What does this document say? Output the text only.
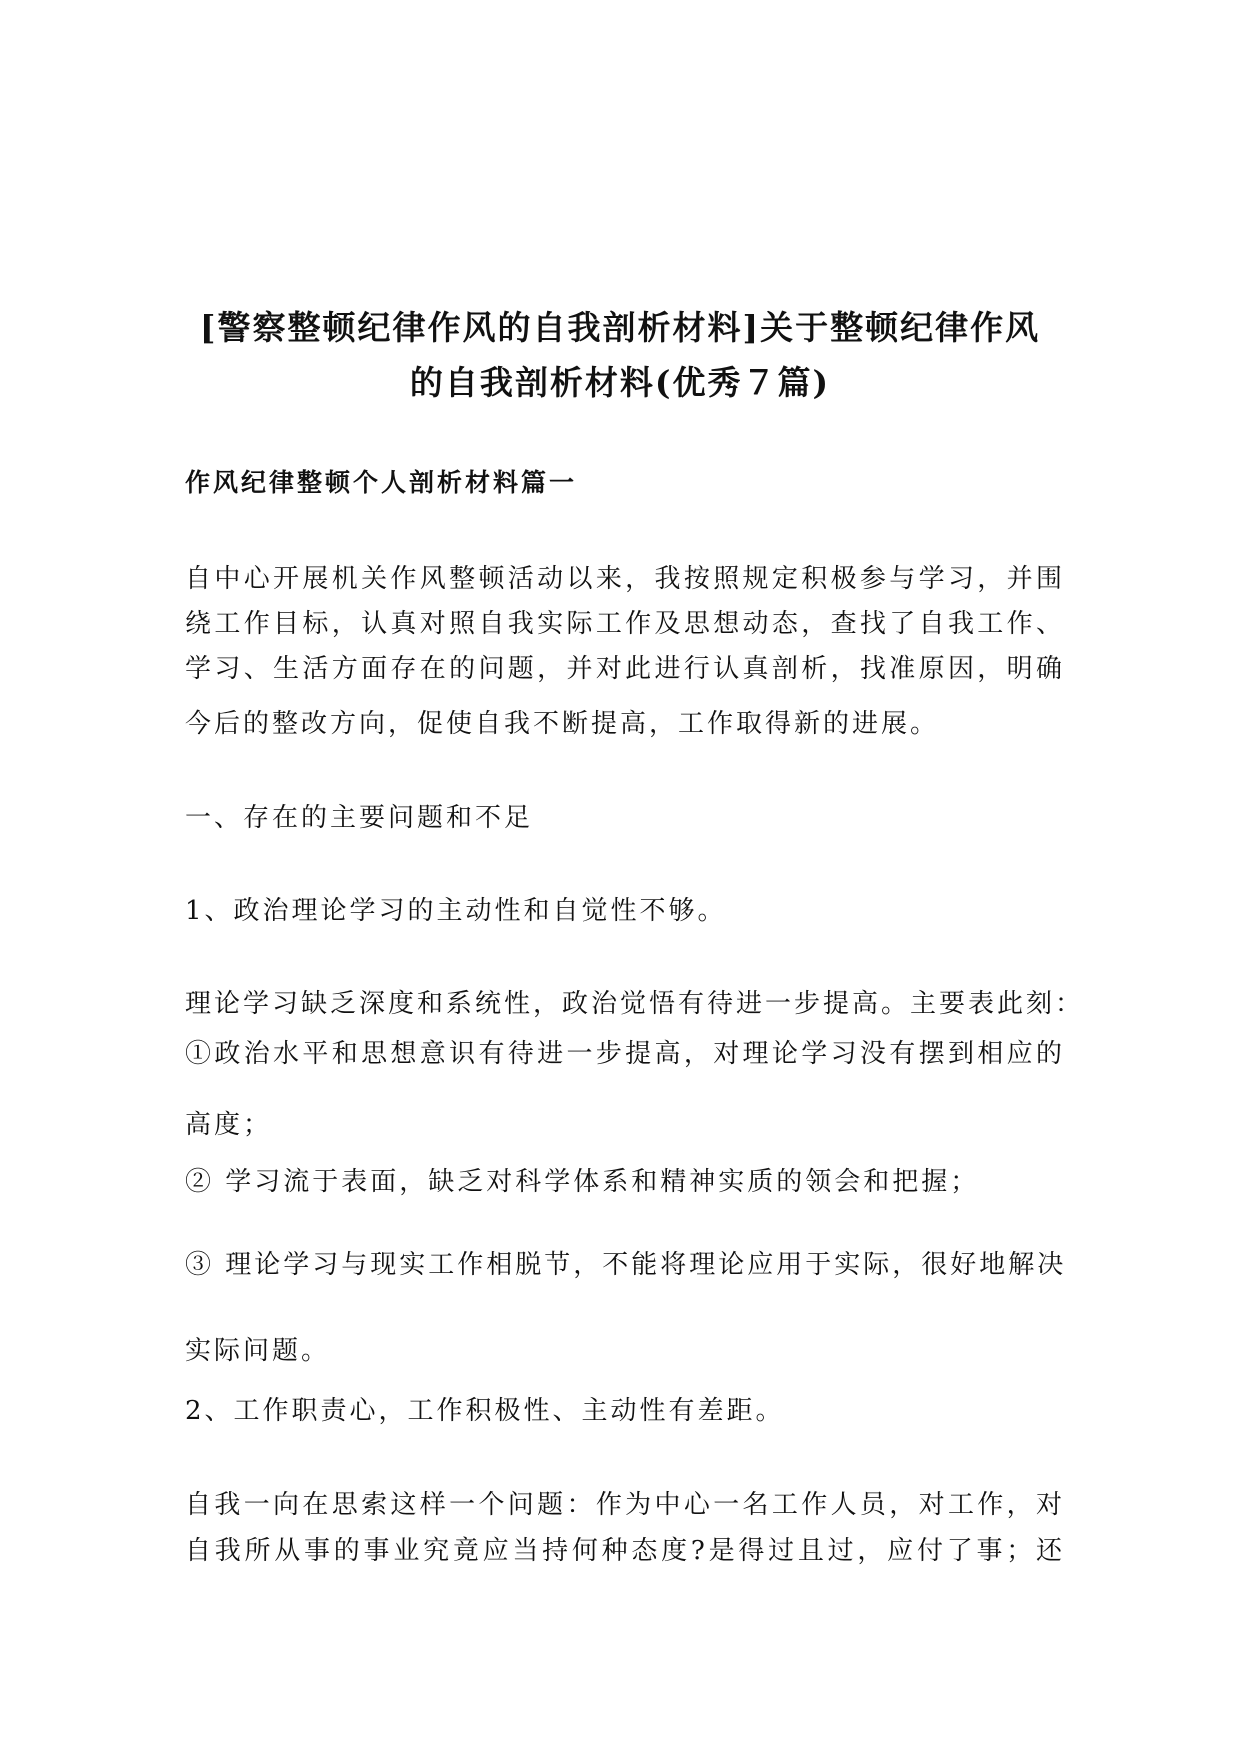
[警察整顿纪律作风的自我剖析材料]关于整顿纪律作风
的自我剖析材料(优秀７篇)
作风纪律整顿个人剖析材料篇一
自中心开展机关作风整顿活动以来，我按照规定积极参与学习，并围
绕工作目标，认真对照自我实际工作及思想动态，查找了自我工作、
学习、生活方面存在的问题，并对此进行认真剖析，找准原因，明确
今后的整改方向，促使自我不断提高，工作取得新的进展。
一、存在的主要问题和不足
1、政治理论学习的主动性和自觉性不够。
理论学习缺乏深度和系统性，政治觉悟有待进一步提高。主要表此刻：
①政治水平和思想意识有待进一步提高，对理论学习没有摆到相应的
高度；
② 学习流于表面，缺乏对科学体系和精神实质的领会和把握；
③ 理论学习与现实工作相脱节，不能将理论应用于实际，很好地解决
实际问题。
2、工作职责心，工作积极性、主动性有差距。
自我一向在思索这样一个问题：作为中心一名工作人员，对工作，对
自我所从事的事业究竟应当持何种态度?是得过且过，应付了事；还
